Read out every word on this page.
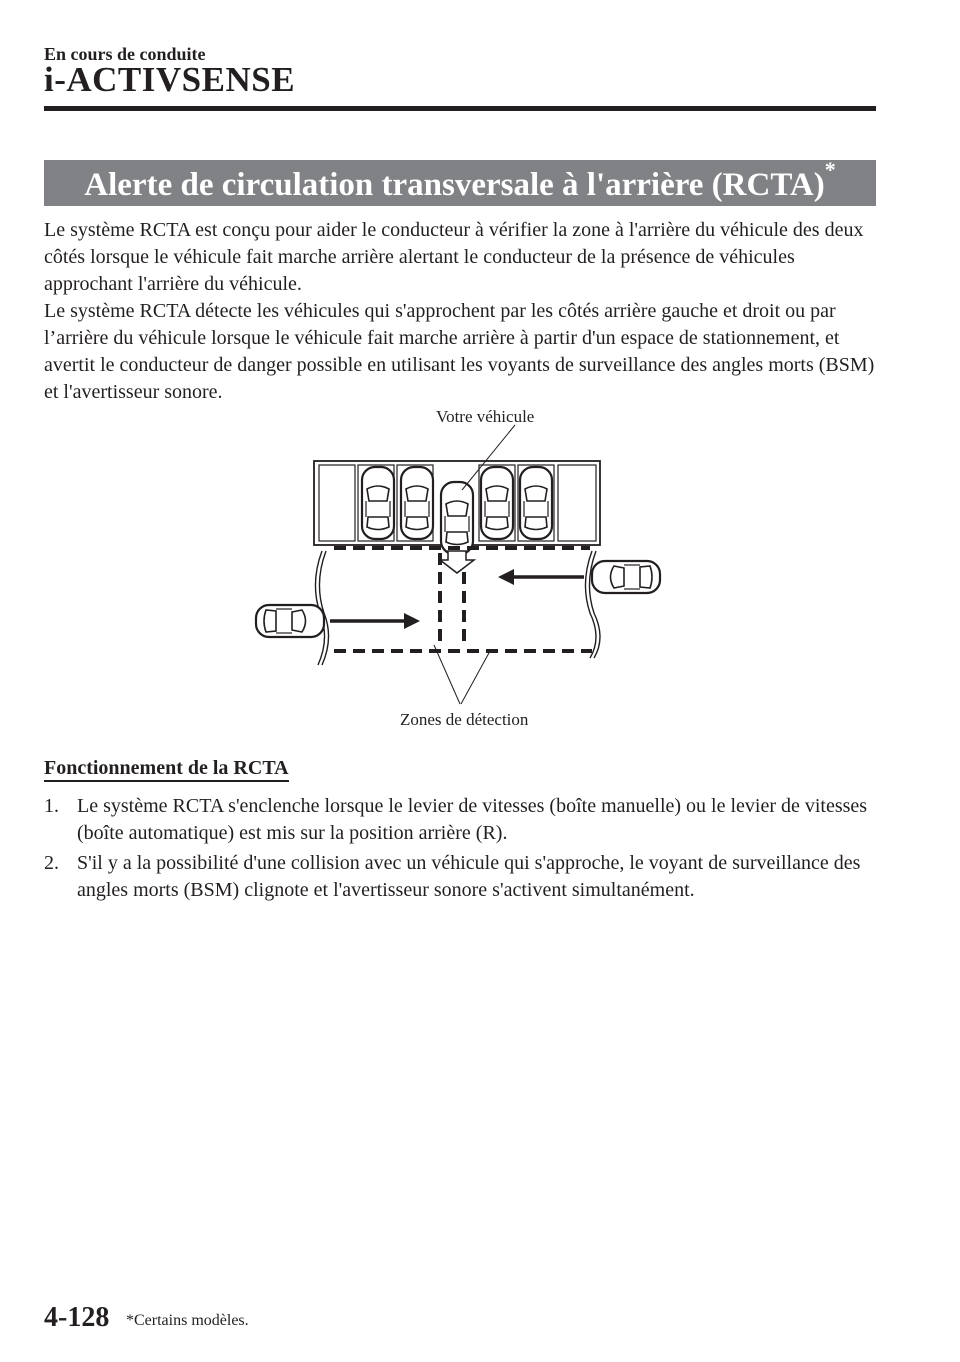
En cours de conduite
i-ACTIVSENSE
Alerte de circulation transversale à l'arrière (RCTA)*

Le système RCTA est conçu pour aider le conducteur à vérifier la zone à l'arrière du véhicule des deux côtés lorsque le véhicule fait marche arrière alertant le conducteur de la présence de véhicules approchant l'arrière du véhicule.

Le système RCTA détecte les véhicules qui s'approchent par les côtés arrière gauche et droit ou par l’arrière du véhicule lorsque le véhicule fait marche arrière à partir d'un espace de stationnement, et avertit le conducteur de danger possible en utilisant les voyants de surveillance des angles morts (BSM) et l'avertisseur sonore.

Votre véhicule
Zones de détection
Fonctionnement de la RCTA
1. Le système RCTA s'enclenche lorsque le levier de vitesses (boîte manuelle) ou le levier de vitesses (boîte automatique) est mis sur la position arrière (R).
2. S'il y a la possibilité d'une collision avec un véhicule qui s'approche, le voyant de surveillance des angles morts (BSM) clignote et l'avertisseur sonore s'activent simultanément.
4-128 *Certains modèles.
